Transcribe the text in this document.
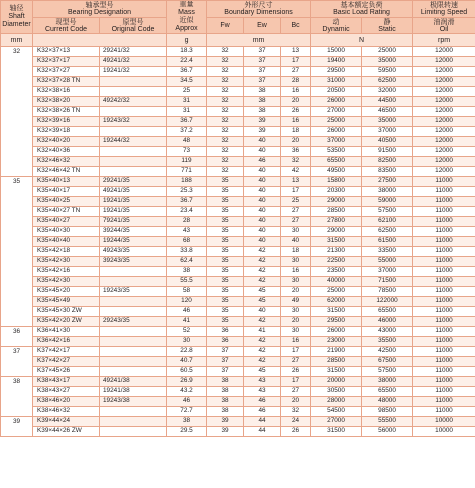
轴径
Shaft
Diameter	轴承型号
Bearing Designation		重量
Mass
近似
Approx	外形尺寸
Boundary Dimensions			基本额定负荷
Basic Load Rating		极限转速
Limiting Speed

	现型号
Current Code	原型号
Original Code		Fw	Ew	Bc	动
Dynamic	静
Static	油润滑
Oil

mm			g	mm			N		rpm
32	K32×37×13	29241/32	18.3	32	37	13	15000	25000	12000
	K32×37×17	49241/32	22.4	32	37	17	19400	35000	12000
	K32×37×27	19241/32	36.7	32	37	27	29500	59500	12000
	K32×37×28 TN		34.5	32	37	28	31000	62500	12000
	K32×38×16		25	32	38	16	20500	32000	12000
	K32×38×20	49242/32	31	32	38	20	26000	44500	12000
	K32×38×26 TN		31	32	38	26	27000	46500	12000
	K32×39×16	19243/32	36.7	32	39	16	25000	35000	12000
	K32×39×18		37.2	32	39	18	26000	37000	12000
	K32×40×20	19244/32	48	32	40	20	37000	40500	12000
	K32×40×36		73	32	40	36	53500	91500	12000
	K32×46×32		119	32	46	32	65500	82500	12000
	K32×46×42 TN		771	32	40	42	49500	83500	12000
35	K35×40×13	29241/35	188	35	40	13	15800	27500	11000
	K35×40×17	49241/35	25.3	35	40	17	20300	38000	11000
	K35×40×25	19241/35	36.7	35	40	25	29000	59000	11000
	K35×40×27 TN	19241/35	23.4	35	40	27	28500	57500	11000
	K35×40×27	79241/35	28	35	40	27	27800	62100	11000
	K35×40×30	39244/35	43	35	40	30	29000	62500	11000
	K35×40×40	19244/35	68	35	40	40	31500	61500	11000
	K35×42×18	49243/35	33.8	35	42	18	21300	33500	11000
	K35×42×30	39243/35	62.4	35	42	30	22500	55000	11000
	K35×42×16		38	35	42	16	23500	37000	11000
	K35×42×30		55.5	35	42	30	40000	71500	11000
	K35×45×20	19243/35	58	35	45	20	25000	78500	11000
	K35×45×49		120	35	45	49	62000	122000	11000
	K35×45×30 ZW		46	35	40	30	31500	65500	11000
	K35×42×20 ZW	29243/35	41	35	42	20	29500	46000	11000
36	K36×41×30		52	36	41	30	26000	43000	11000
	K36×42×16		30	36	42	16	23000	35500	11000
37	K37×42×17		22.8	37	42	17	21900	42500	11000
	K37×42×27		40.7	37	42	27	28500	67500	11000
	K37×45×26		60.5	37	45	26	31500	57500	11000
38	K38×43×17	49241/38	26.9	38	43	17	20000	38000	11000
	K38×43×27	19241/38	43.2	38	43	27	30500	65500	11000
	K38×46×20	19243/38	46	38	46	20	28000	48000	11000
	K38×46×32		72.7	38	46	32	54500	98500	11000
39	K39×44×24		38	39	44	24	27000	55500	10000
	K39×44×26 ZW		29.5	39	44	26	31500	56000	10000
